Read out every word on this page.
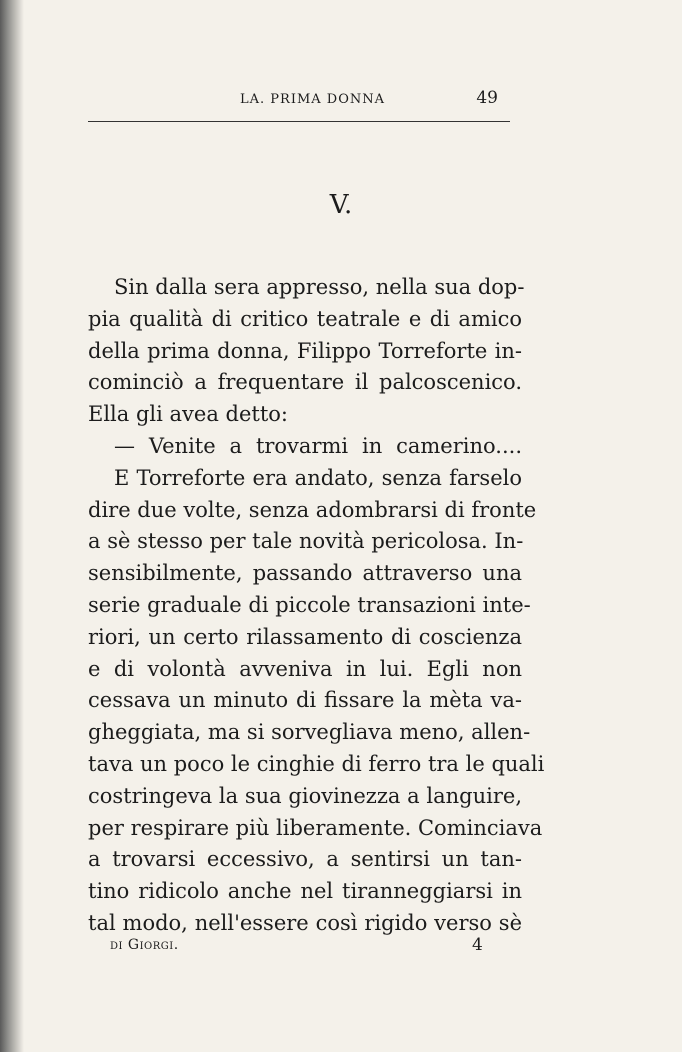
LA. PRIMA DONNA	49
V.
Sin dalla sera appresso, nella sua dop-
pia qualità di critico teatrale e di amico
della prima donna, Filippo Torreforte in-
cominciò a frequentare il palcoscenico.
Ella gli avea detto:
— Venite a trovarmi in camerino....
E Torreforte era andato, senza farselo
dire due volte, senza adombrarsi di fronte
a sè stesso per tale novità pericolosa. In-
sensibilmente, passando attraverso una
serie graduale di piccole transazioni inte-
riori, un certo rilassamento di coscienza
e di volontà avveniva in lui. Egli non
cessava un minuto di fissare la mèta va-
gheggiata, ma si sorvegliava meno, allen-
tava un poco le cinghie di ferro tra le quali
costringeva la sua giovinezza a languire,
per respirare più liberamente. Cominciava
a trovarsi eccessivo, a sentirsi un tan-
tino ridicolo anche nel tiranneggiarsi in
tal modo, nell'essere così rigido verso sè
di Giorgi.	4
